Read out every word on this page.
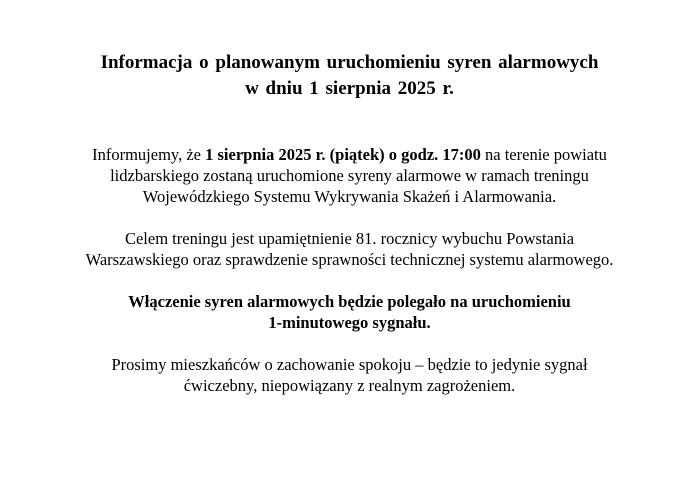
Informacja o planowanym uruchomieniu syren alarmowych
w dniu 1 sierpnia 2025 r.
Informujemy, że 1 sierpnia 2025 r. (piątek) o godz. 17:00 na terenie powiatu
lidzbarskiego zostaną uruchomione syreny alarmowe w ramach treningu
Wojewódzkiego Systemu Wykrywania Skażeń i Alarmowania.
Celem treningu jest upamiętnienie 81. rocznicy wybuchu Powstania
Warszawskiego oraz sprawdzenie sprawności technicznej systemu alarmowego.
Włączenie syren alarmowych będzie polegało na uruchomieniu
1-minutowego sygnału.
Prosimy mieszkańców o zachowanie spokoju – będzie to jedynie sygnał
ćwiczebny, niepowiązany z realnym zagrożeniem.
